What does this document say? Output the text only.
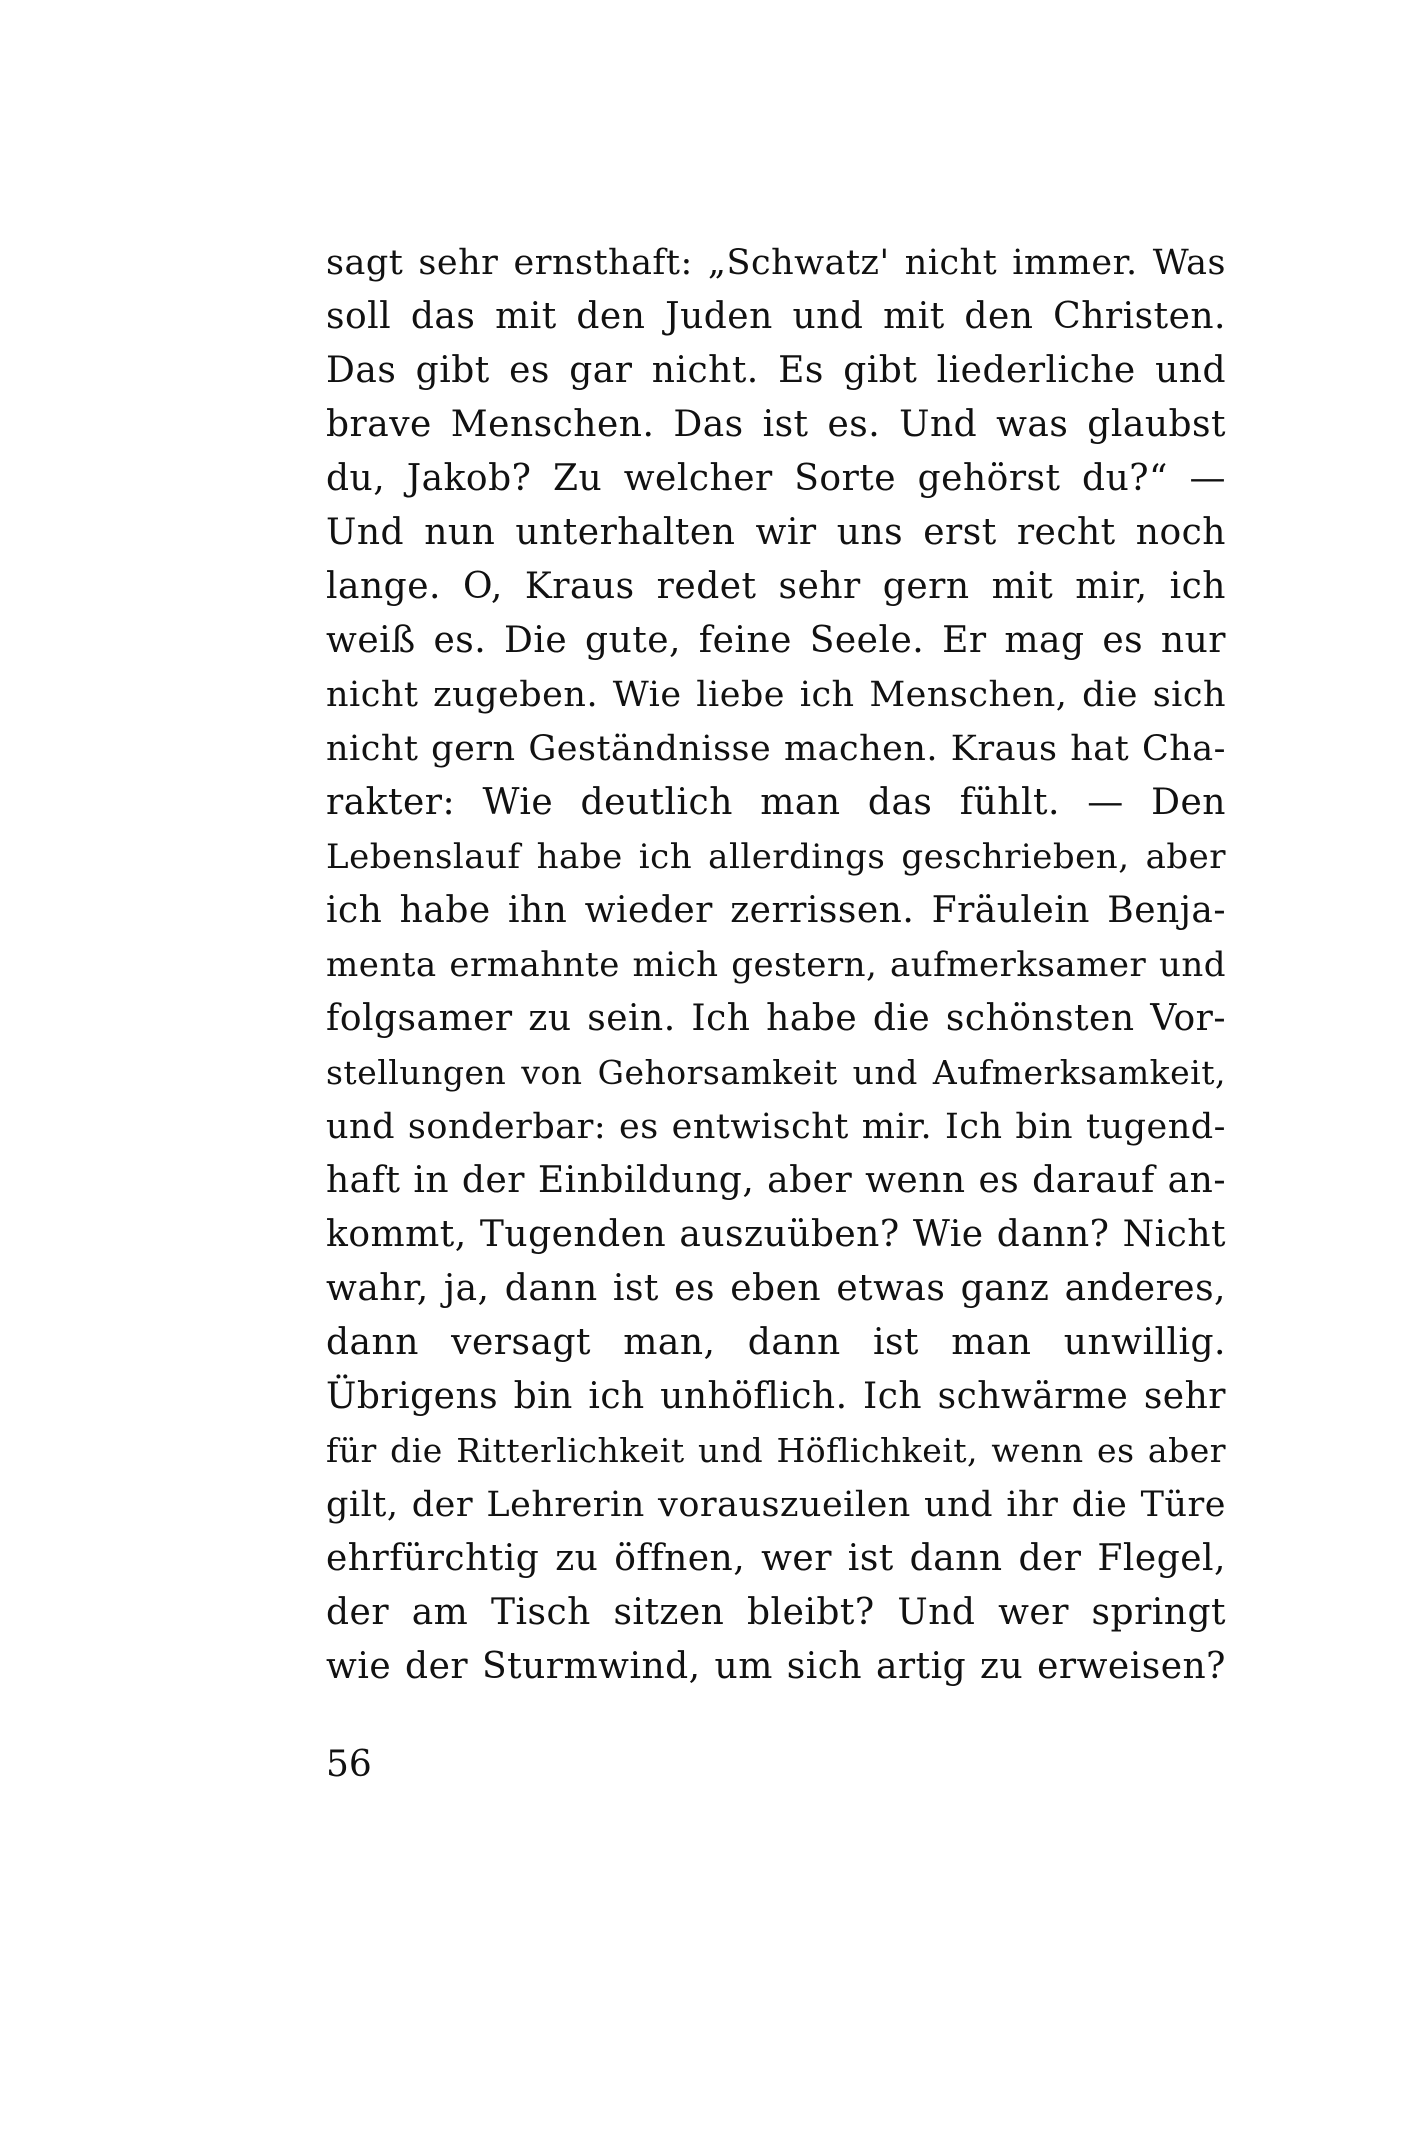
sagt sehr ernsthaft: „Schwatz' nicht immer. Was
soll das mit den Juden und mit den Christen.
Das gibt es gar nicht. Es gibt liederliche und
brave Menschen. Das ist es. Und was glaubst
du, Jakob? Zu welcher Sorte gehörst du?“ —
Und nun unterhalten wir uns erst recht noch
lange. O, Kraus redet sehr gern mit mir, ich
weiß es. Die gute, feine Seele. Er mag es nur
nicht zugeben. Wie liebe ich Menschen, die sich
nicht gern Geständnisse machen. Kraus hat Cha-
rakter: Wie deutlich man das fühlt. — Den
Lebenslauf habe ich allerdings geschrieben, aber
ich habe ihn wieder zerrissen. Fräulein Benja-
menta ermahnte mich gestern, aufmerksamer und
folgsamer zu sein. Ich habe die schönsten Vor-
stellungen von Gehorsamkeit und Aufmerksamkeit,
und sonderbar: es entwischt mir. Ich bin tugend-
haft in der Einbildung, aber wenn es darauf an-
kommt, Tugenden auszuüben? Wie dann? Nicht
wahr, ja, dann ist es eben etwas ganz anderes,
dann versagt man, dann ist man unwillig.
Übrigens bin ich unhöflich. Ich schwärme sehr
für die Ritterlichkeit und Höflichkeit, wenn es aber
gilt, der Lehrerin vorauszueilen und ihr die Türe
ehrfürchtig zu öffnen, wer ist dann der Flegel,
der am Tisch sitzen bleibt? Und wer springt
wie der Sturmwind, um sich artig zu erweisen?
56
